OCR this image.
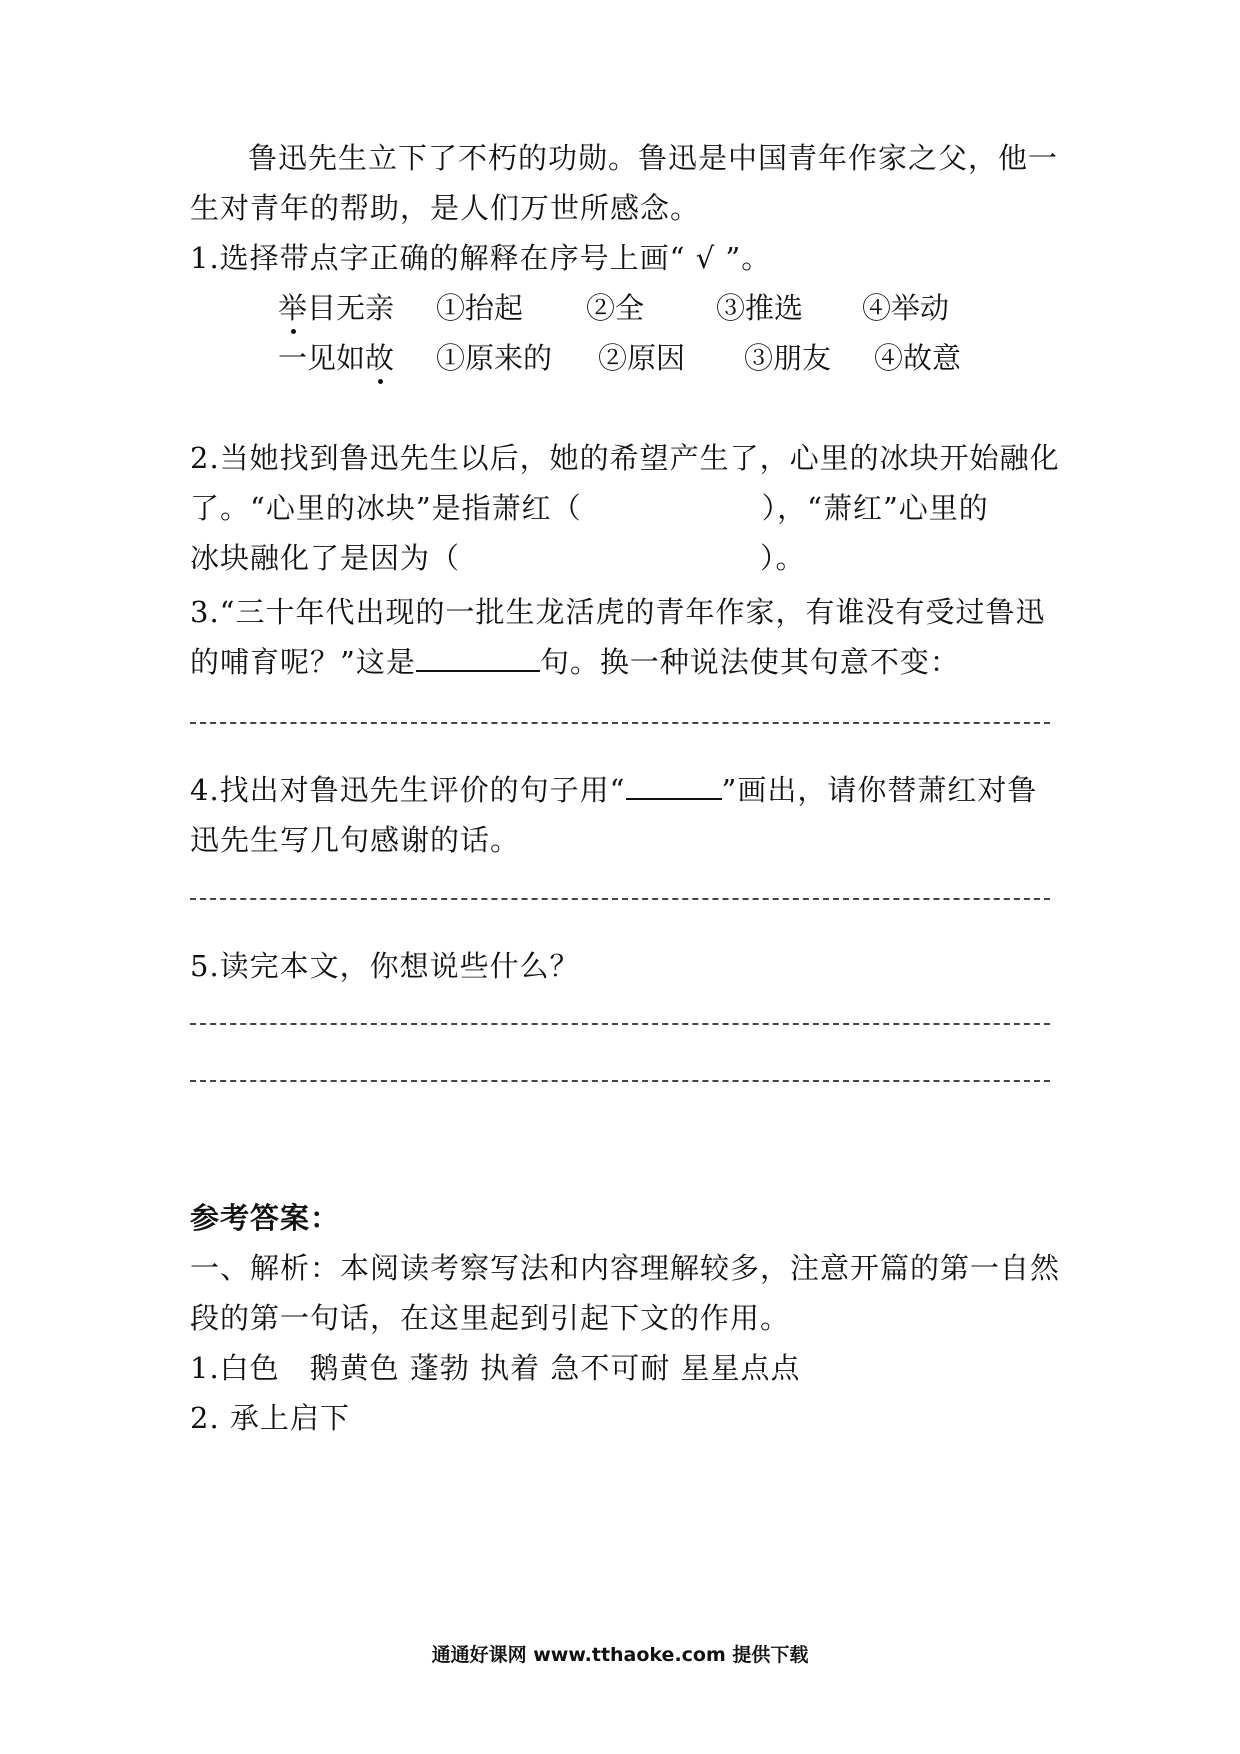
鲁迅先生立下了不朽的功勋。鲁迅是中国青年作家之父，他一
生对青年的帮助，是人们万世所感念。
1.选择带点字正确的解释在序号上画“ √ ”。
举目无亲 ①抬起 ②全 ③推选 ④举动
一见如故 ①原来的 ②原因 ③朋友 ④故意
2.当她找到鲁迅先生以后，她的希望产生了，心里的冰块开始融化
了。“心里的冰块”是指萧红（	），“萧红”心里的
冰块融化了是因为（	）。
3.“三十年代出现的一批生龙活虎的青年作家，有谁没有受过鲁迅
的哺育呢？”这是	句。换一种说法使其句意不变：
4.找出对鲁迅先生评价的句子用“	”画出，请你替萧红对鲁
迅先生写几句感谢的话。
5.读完本文，你想说些什么？
参考答案：
一、解析：本阅读考察写法和内容理解较多，注意开篇的第一自然
段的第一句话，在这里起到引起下文的作用。
1.白色　鹅黄色 蓬勃 执着 急不可耐 星星点点
2. 承上启下
通通好课网 www.tthaoke.com 提供下载
